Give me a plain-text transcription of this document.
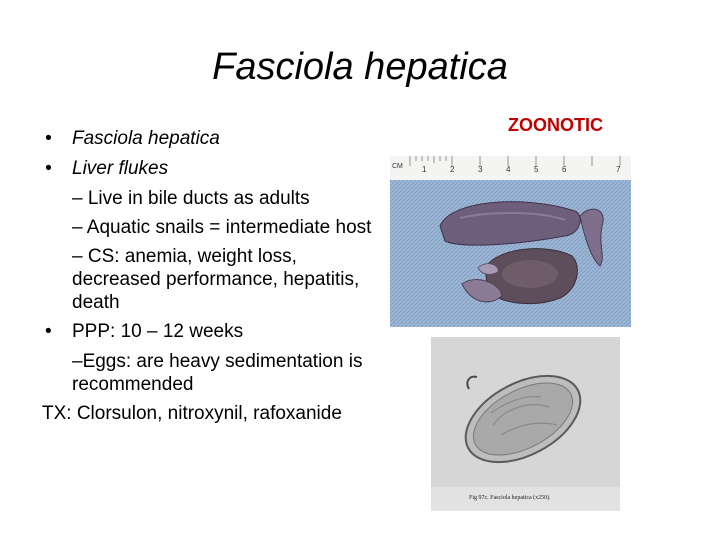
Fasciola hepatica
• Fasciola hepatica
• Liver flukes
– Live in bile ducts as adults
– Aquatic snails = intermediate host
– CS: anemia, weight loss, decreased performance, hepatitis, death
• PPP: 10 – 12 weeks
–Eggs: are heavy sedimentation is recommended
TX: Clorsulon, nitroxynil, rafoxanide
ZOONOTIC
CM 1	2	3	4	5	6	7
Fig 97c. Fasciola hepatica (x250).
